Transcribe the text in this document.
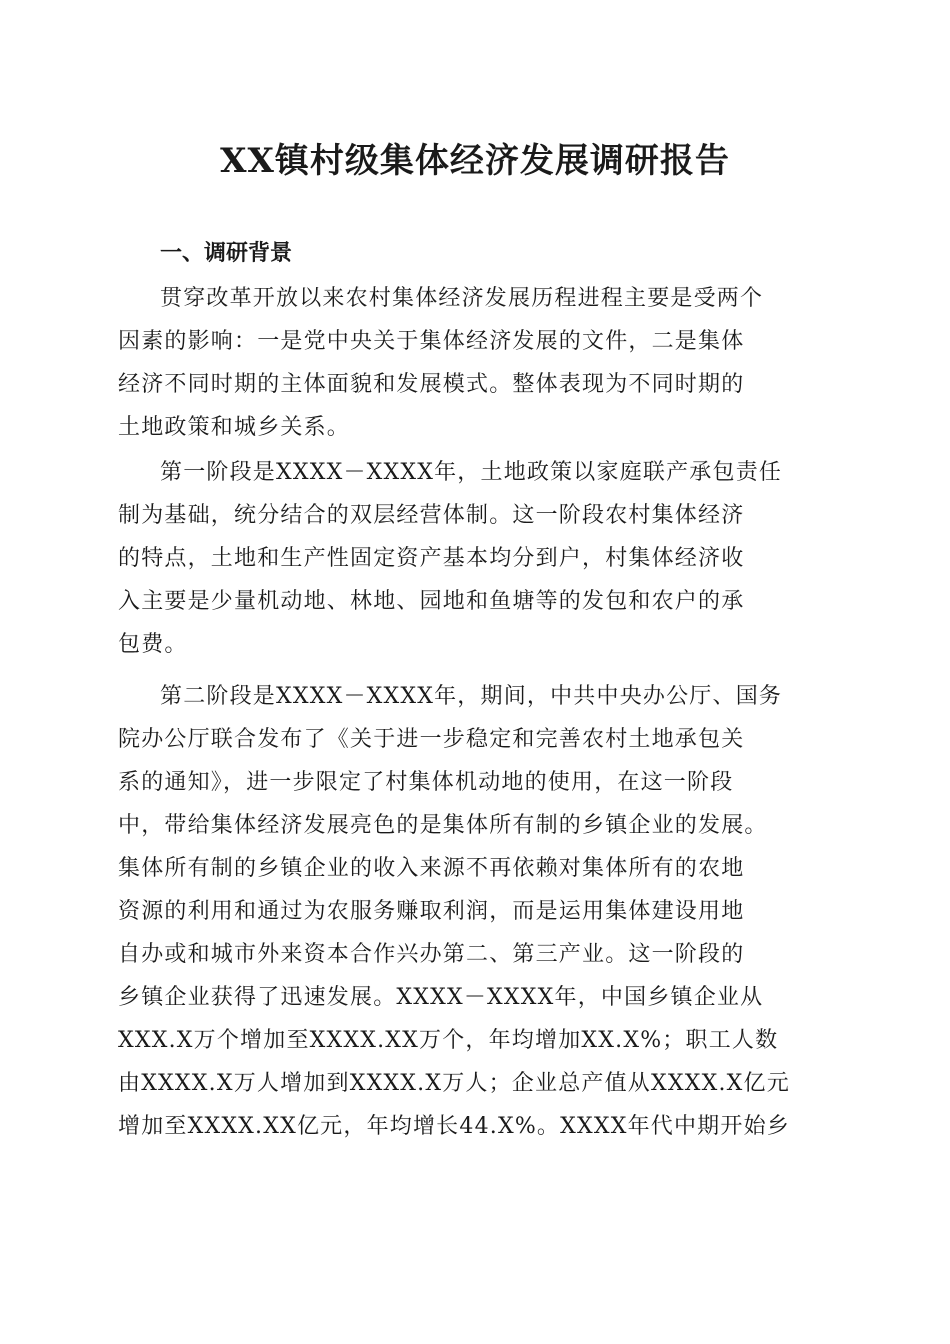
XX镇村级集体经济发展调研报告
一、调研背景

贯穿改革开放以来农村集体经济发展历程进程主要是受两个
因素的影响：一是党中央关于集体经济发展的文件，二是集体
经济不同时期的主体面貌和发展模式。整体表现为不同时期的
土地政策和城乡关系。

第一阶段是XXXX－XXXX年，土地政策以家庭联产承包责任
制为基础，统分结合的双层经营体制。这一阶段农村集体经济
的特点，土地和生产性固定资产基本均分到户，村集体经济收
入主要是少量机动地、林地、园地和鱼塘等的发包和农户的承
包费。

第二阶段是XXXX－XXXX年，期间，中共中央办公厅、国务
院办公厅联合发布了《关于进一步稳定和完善农村土地承包关
系的通知》，进一步限定了村集体机动地的使用，在这一阶段
中，带给集体经济发展亮色的是集体所有制的乡镇企业的发展。
集体所有制的乡镇企业的收入来源不再依赖对集体所有的农地
资源的利用和通过为农服务赚取利润，而是运用集体建设用地
自办或和城市外来资本合作兴办第二、第三产业。这一阶段的
乡镇企业获得了迅速发展。XXXX－XXXX年，中国乡镇企业从
XXX.X万个增加至XXXX.XX万个，年均增加XX.X%；职工人数
由XXXX.X万人增加到XXXX.X万人；企业总产值从XXXX.X亿元
增加至XXXX.XX亿元，年均增长44.X%。XXXX年代中期开始乡
